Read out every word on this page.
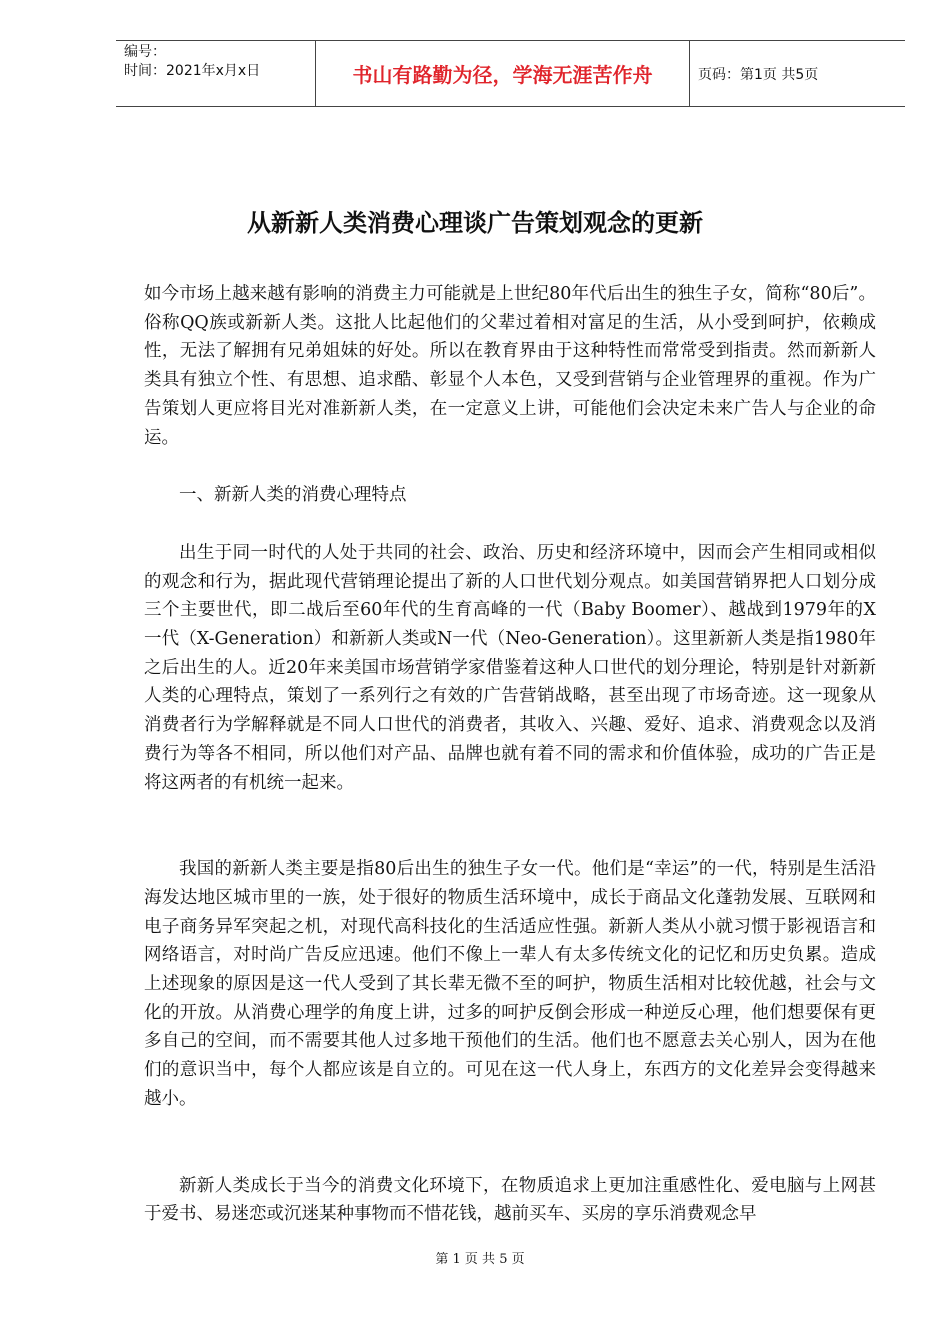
编号：
时间：2021年x月x日	书山有路勤为径，学海无涯苦作舟	页码：第1页 共5页
从新新人类消费心理谈广告策划观念的更新

如今市场上越来越有影响的消费主力可能就是上世纪80年代后出生的独生子女，简称“80后”。俗称QQ族或新新人类。这批人比起他们的父辈过着相对富足的生活，从小受到呵护，依赖成性，无法了解拥有兄弟姐妹的好处。所以在教育界由于这种特性而常常受到指责。然而新新人类具有独立个性、有思想、追求酷、彰显个人本色，又受到营销与企业管理界的重视。作为广告策划人更应将目光对准新新人类，在一定意义上讲，可能他们会决定未来广告人与企业的命运。

一、新新人类的消费心理特点

出生于同一时代的人处于共同的社会、政治、历史和经济环境中，因而会产生相同或相似的观念和行为，据此现代营销理论提出了新的人口世代划分观点。如美国营销界把人口划分成三个主要世代，即二战后至60年代的生育高峰的一代（Baby Boomer）、越战到1979年的X一代（X-Generation）和新新人类或N一代（Neo-Generation）。这里新新人类是指1980年之后出生的人。近20年来美国市场营销学家借鉴着这种人口世代的划分理论，特别是针对新新人类的心理特点，策划了一系列行之有效的广告营销战略，甚至出现了市场奇迹。这一现象从消费者行为学解释就是不同人口世代的消费者，其收入、兴趣、爱好、追求、消费观念以及消费行为等各不相同，所以他们对产品、品牌也就有着不同的需求和价值体验，成功的广告正是将这两者的有机统一起来。

我国的新新人类主要是指80后出生的独生子女一代。他们是“幸运”的一代，特别是生活沿海发达地区城市里的一族，处于很好的物质生活环境中，成长于商品文化蓬勃发展、互联网和电子商务异军突起之机，对现代高科技化的生活适应性强。新新人类从小就习惯于影视语言和网络语言，对时尚广告反应迅速。他们不像上一辈人有太多传统文化的记忆和历史负累。造成上述现象的原因是这一代人受到了其长辈无微不至的呵护，物质生活相对比较优越，社会与文化的开放。从消费心理学的角度上讲，过多的呵护反倒会形成一种逆反心理，他们想要保有更多自己的空间，而不需要其他人过多地干预他们的生活。他们也不愿意去关心别人，因为在他们的意识当中，每个人都应该是自立的。可见在这一代人身上，东西方的文化差异会变得越来越小。

新新人类成长于当今的消费文化环境下，在物质追求上更加注重感性化、爱电脑与上网甚于爱书、易迷恋或沉迷某种事物而不惜花钱，越前买车、买房的享乐消费观念早

第 1 页 共 5 页
